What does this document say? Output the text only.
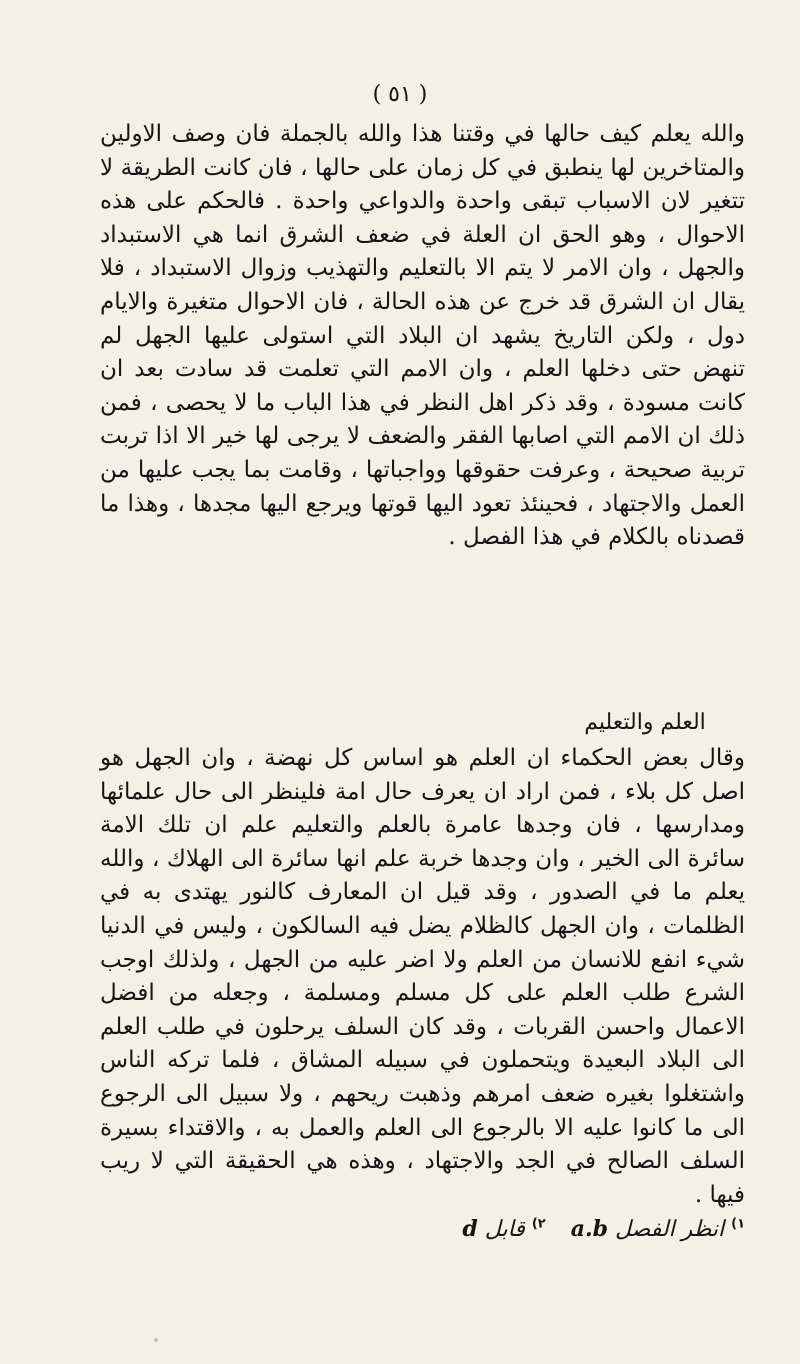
( ٥١ )
والله يعلم كيف حالها في وقتنا هذا والله بالجملة فان وصف الاولين والمتاخرين لها ينطبق في كل زمان على حالها ، فان كانت الطريقة لا تتغير لان الاسباب تبقى واحدة والدواعي واحدة . فالحكم على هذه الاحوال ، وهو الحق ان العلة في ضعف الشرق انما هي الاستبداد والجهل ، وان الامر لا يتم الا بالتعليم والتهذيب وزوال الاستبداد ، فلا يقال ان الشرق قد خرج عن هذه الحالة ، فان الاحوال متغيرة والايام دول ، ولكن التاريخ يشهد ان البلاد التي استولى عليها الجهل لم تنهض حتى دخلها العلم ، وان الامم التي تعلمت قد سادت بعد ان كانت مسودة ، وقد ذكر اهل النظر في هذا الباب ما لا يحصى ، فمن ذلك ان الامم التي اصابها الفقر والضعف لا يرجى لها خير الا اذا تربت تربية صحيحة ، وعرفت حقوقها وواجباتها ، وقامت بما يجب عليها من العمل والاجتهاد ، فحينئذ تعود اليها قوتها ويرجع اليها مجدها ، وهذا ما قصدناه بالكلام في هذا الفصل .
العلم والتعليم
وقال بعض الحكماء ان العلم هو اساس كل نهضة ، وان الجهل هو اصل كل بلاء ، فمن اراد ان يعرف حال امة فلينظر الى حال علمائها ومدارسها ، فان وجدها عامرة بالعلم والتعليم علم ان تلك الامة سائرة الى الخير ، وان وجدها خربة علم انها سائرة الى الهلاك ، والله يعلم ما في الصدور ، وقد قيل ان المعارف كالنور يهتدى به في الظلمات ، وان الجهل كالظلام يضل فيه السالكون ، وليس في الدنيا شيء انفع للانسان من العلم ولا اضر عليه من الجهل ، ولذلك اوجب الشرع طلب العلم على كل مسلم ومسلمة ، وجعله من افضل الاعمال واحسن القربات ، وقد كان السلف يرحلون في طلب العلم الى البلاد البعيدة ويتحملون في سبيله المشاق ، فلما تركه الناس واشتغلوا بغيره ضعف امرهم وذهبت ريحهم ، ولا سبيل الى الرجوع الى ما كانوا عليه الا بالرجوع الى العلم والعمل به ، والاقتداء بسيرة السلف الصالح في الجد والاجتهاد ، وهذه هي الحقيقة التي لا ريب فيها .
$^{١)}$ انظر الفصل a.b $^{٢)}$ قابل d
